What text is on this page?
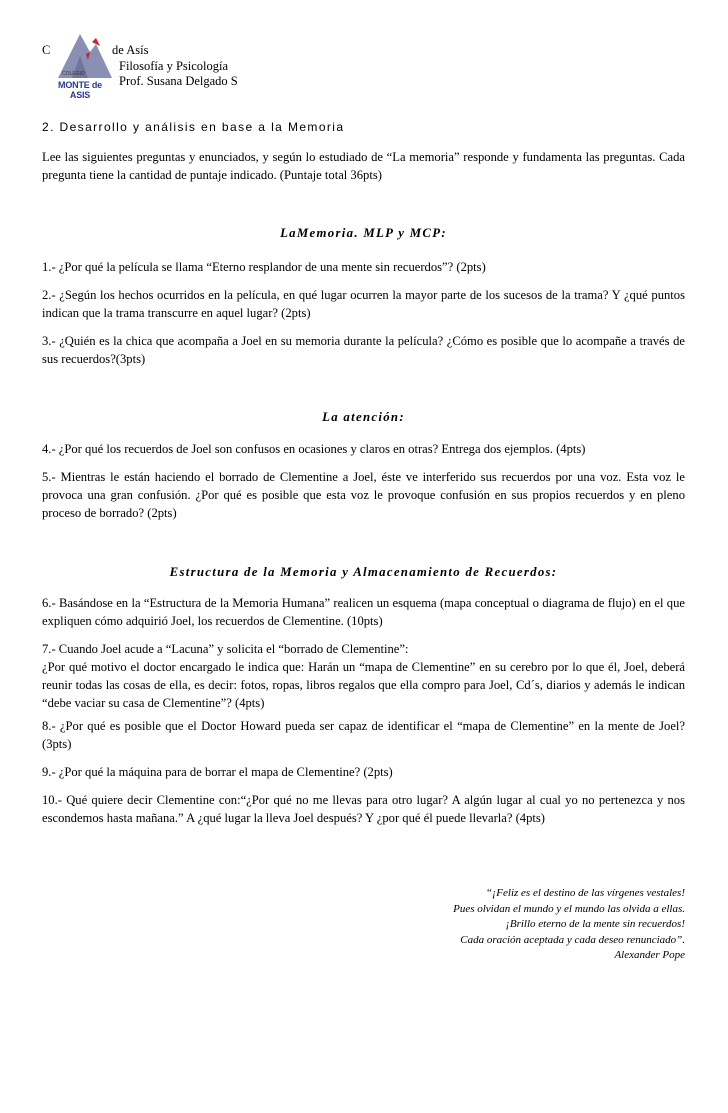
COLEGIO
MONTE de ASIS
C	de Asís
Filosofía y Psicología
Prof. Susana Delgado S
2. Desarrollo y análisis en base a la Memoria
Lee las siguientes preguntas y enunciados, y según lo estudiado de “La memoria” responde y fundamenta las preguntas. Cada pregunta tiene la cantidad de puntaje indicado. (Puntaje total 36pts)
LaMemoria. MLP y MCP:
1.- ¿Por qué la película se llama “Eterno resplandor de una mente sin recuerdos”? (2pts)
2.- ¿Según los hechos ocurridos en la película, en qué lugar ocurren la mayor parte de los sucesos de la trama? Y ¿qué puntos indican que la trama transcurre en aquel lugar? (2pts)
3.- ¿Quién es la chica que acompaña a Joel en su memoria durante la película? ¿Cómo es posible que lo acompañe a través de sus recuerdos?(3pts)
La atención:
4.- ¿Por qué los recuerdos de Joel son confusos en ocasiones y claros en otras? Entrega dos ejemplos. (4pts)
5.- Mientras le están haciendo el borrado de Clementine a Joel, éste ve interferido sus recuerdos por una voz. Esta voz le provoca una gran confusión. ¿Por qué es posible que esta voz le provoque confusión en sus propios recuerdos y en pleno proceso de borrado? (2pts)
Estructura de la Memoria y Almacenamiento de Recuerdos:
6.- Basándose en la “Estructura de la Memoria Humana” realicen un esquema (mapa conceptual o diagrama de flujo) en el que expliquen cómo adquirió Joel, los recuerdos de Clementine. (10pts)
7.- Cuando Joel acude a “Lacuna” y solicita el “borrado de Clementine”:
¿Por qué motivo el doctor encargado le indica que: Harán un “mapa de Clementine” en su cerebro por lo que él, Joel, deberá reunir todas las cosas de ella, es decir: fotos, ropas, libros regalos que ella compro para Joel, Cd´s, diarios y además le indican “debe vaciar su casa de Clementine”? (4pts)
8.- ¿Por qué es posible que el Doctor Howard pueda ser capaz de identificar el “mapa de Clementine” en la mente de Joel? (3pts)
9.- ¿Por qué la máquina para de borrar el mapa de Clementine? (2pts)
10.- Qué quiere decir Clementine con:“¿Por qué no me llevas para otro lugar? A algún lugar al cual yo no pertenezca y nos escondemos hasta mañana.” A ¿qué lugar la lleva Joel después? Y ¿por qué él puede llevarla? (4pts)
“¡Feliz es el destino de las vírgenes vestales!
Pues olvidan el mundo y el mundo las olvida a ellas.
¡Brillo eterno de la mente sin recuerdos!
Cada oración aceptada y cada deseo renunciado”.
Alexander Pope
